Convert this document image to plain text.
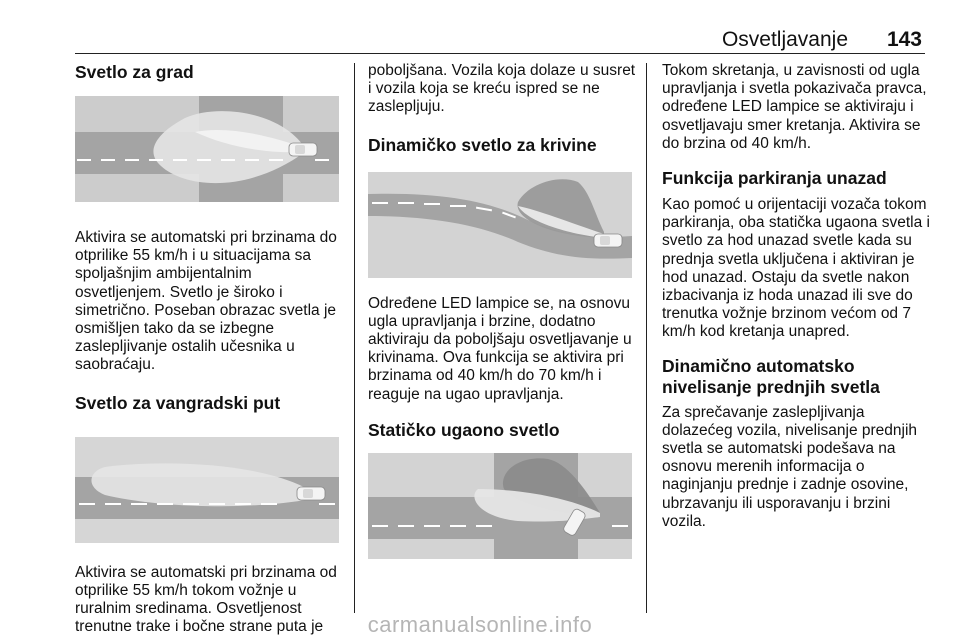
Osvetljavanje 143
Svetlo za grad

Aktivira se automatski pri brzinama do otprilike 55 km/h i u situacijama sa spoljašnjim ambijentalnim osvetljenjem. Svetlo je široko i simetrično. Poseban obrazac svetla je osmišljen tako da se izbegne zaslepljivanje ostalih učesnika u saobraćaju.

Svetlo za vangradski put

Aktivira se automatski pri brzinama od otprilike 55 km/h tokom vožnje u ruralnim sredinama. Osvetljenost trenutne trake i bočne strane puta je

poboljšana. Vozila koja dolaze u susret i vozila koja se kreću ispred se ne zaslepljuju.

Dinamičko svetlo za krivine

Određene LED lampice se, na osnovu ugla upravljanja i brzine, dodatno aktiviraju da poboljšaju osvetljavanje u krivinama. Ova funkcija se aktivira pri brzinama od 40 km/h do 70 km/h i reaguje na ugao upravljanja.

Statičko ugaono svetlo

Tokom skretanja, u zavisnosti od ugla upravljanja i svetla pokazivača pravca, određene LED lampice se aktiviraju i osvetljavaju smer kretanja. Aktivira se do brzina od 40 km/h.

Funkcija parkiranja unazad

Kao pomoć u orijentaciji vozača tokom parkiranja, oba statička ugaona svetla i svetlo za hod unazad svetle kada su prednja svetla uključena i aktiviran je hod unazad. Ostaju da svetle nakon izbacivanja iz hoda unazad ili sve do trenutka vožnje brzinom većom od 7 km/h kod kretanja unapred.

Dinamično automatsko nivelisanje prednjih svetla

Za sprečavanje zaslepljivanja dolazećeg vozila, nivelisanje prednjih svetla se automatski podešava na osnovu merenih informacija o naginjanju prednje i zadnje osovine, ubrzavanju ili usporavanju i brzini vozila.

carmanualsonline.info
